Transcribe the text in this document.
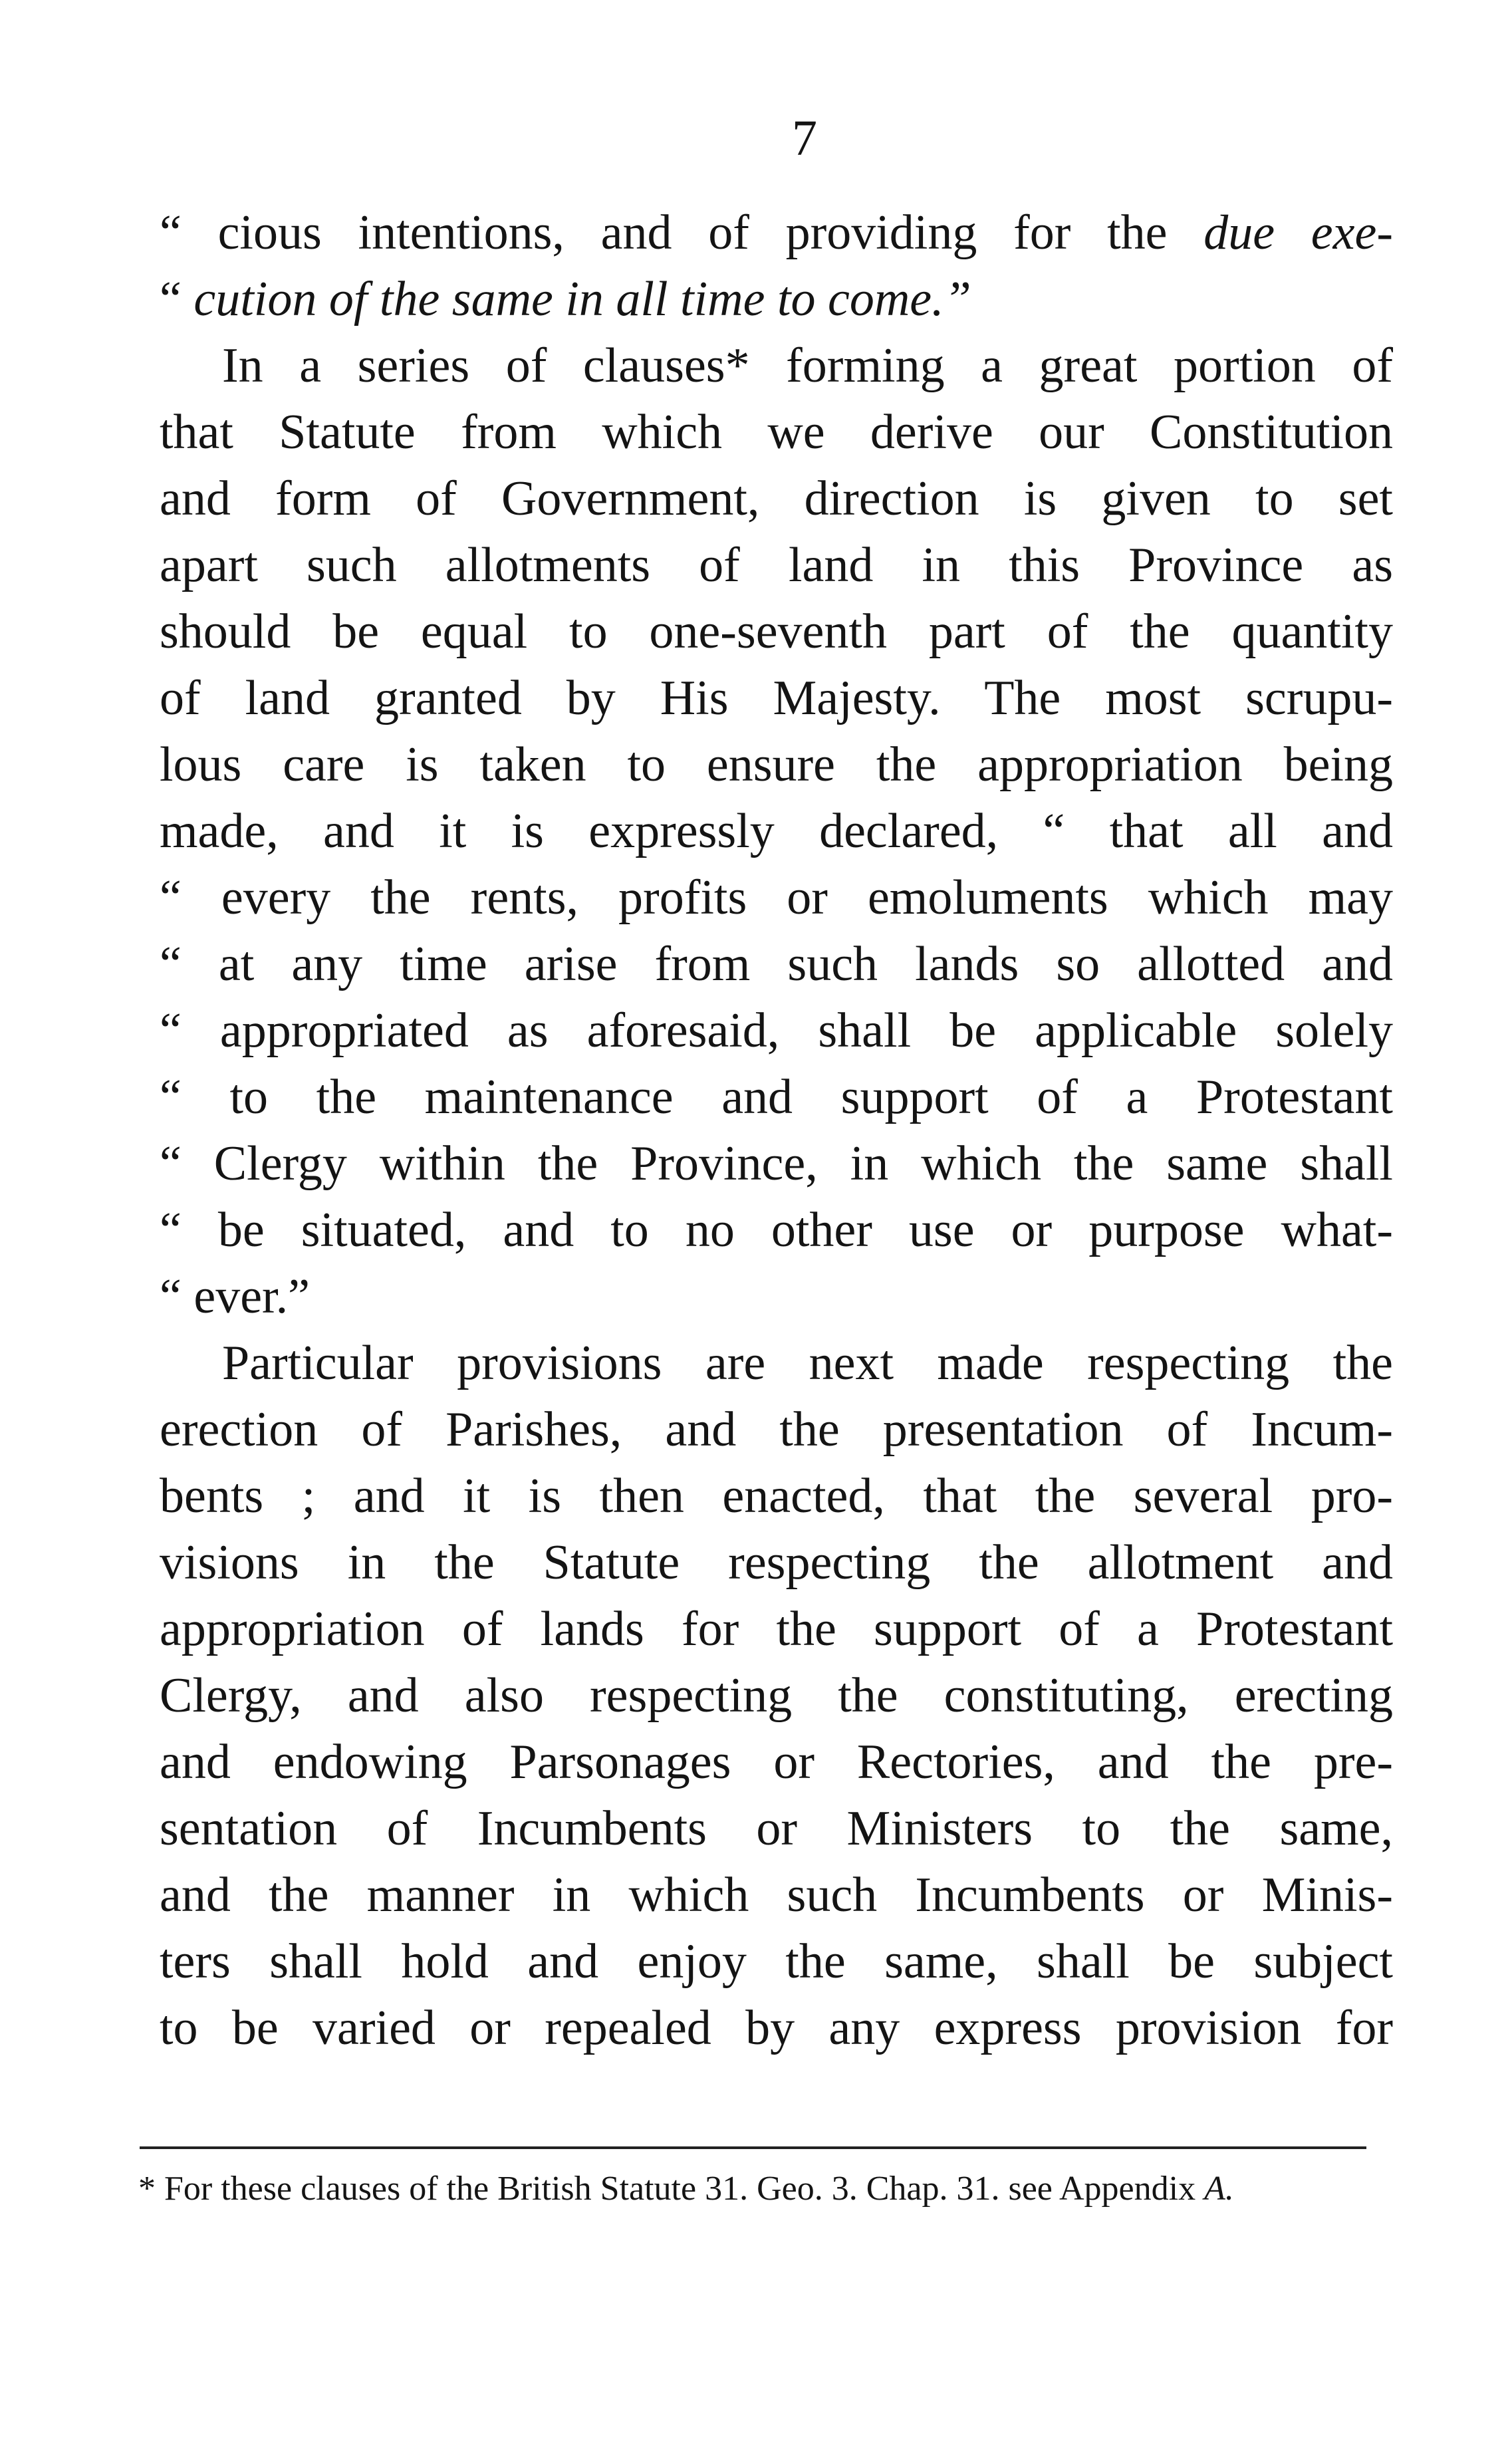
7
“ cious intentions, and of providing for the due exe-
“ cution of the same in all time to come.”
In a series of clauses* forming a great portion of
that Statute from which we derive our Constitution
and form of Government, direction is given to set
apart such allotments of land in this Province as
should be equal to one-seventh part of the quantity
of land granted by His Majesty. The most scrupu-
lous care is taken to ensure the appropriation being
made, and it is expressly declared, “ that all and
“ every the rents, profits or emoluments which may
“ at any time arise from such lands so allotted and
“ appropriated as aforesaid, shall be applicable solely
“ to the maintenance and support of a Protestant
“ Clergy within the Province, in which the same shall
“ be situated, and to no other use or purpose what-
“ ever.”
Particular provisions are next made respecting the
erection of Parishes, and the presentation of Incum-
bents ; and it is then enacted, that the several pro-
visions in the Statute respecting the allotment and
appropriation of lands for the support of a Protestant
Clergy, and also respecting the constituting, erecting
and endowing Parsonages or Rectories, and the pre-
sentation of Incumbents or Ministers to the same,
and the manner in which such Incumbents or Minis-
ters shall hold and enjoy the same, shall be subject
to be varied or repealed by any express provision for
* For these clauses of the British Statute 31. Geo. 3. Chap. 31. see Appendix A.
